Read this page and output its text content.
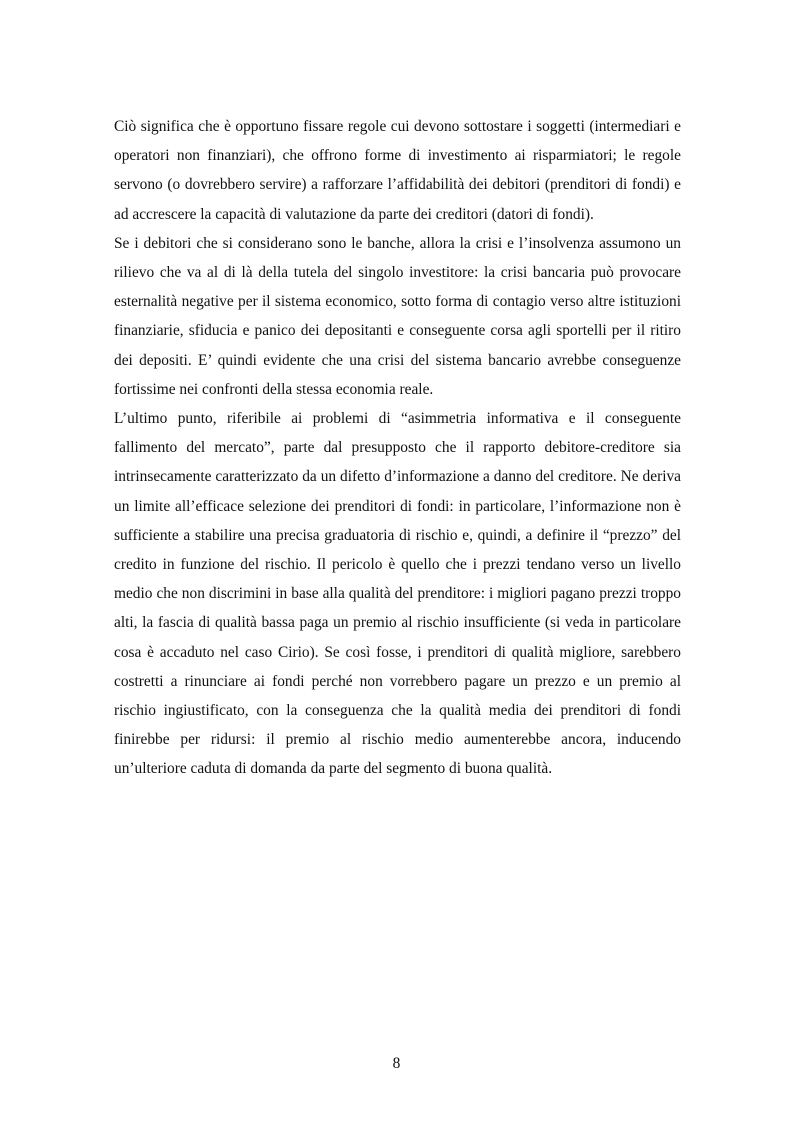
Ciò significa che è opportuno fissare regole cui devono sottostare i soggetti (intermediari e operatori non finanziari), che offrono forme di investimento ai risparmiatori; le regole servono (o dovrebbero servire) a rafforzare l’affidabilità dei debitori (prenditori di fondi) e ad accrescere la capacità di valutazione da parte dei creditori (datori di fondi).

Se i debitori che si considerano sono le banche, allora la crisi e l’insolvenza assumono un rilievo che va al di là della tutela del singolo investitore: la crisi bancaria può provocare esternalità negative per il sistema economico, sotto forma di contagio verso altre istituzioni finanziarie, sfiducia e panico dei depositanti e conseguente corsa agli sportelli per il ritiro dei depositi. E’ quindi evidente che una crisi del sistema bancario avrebbe conseguenze fortissime nei confronti della stessa economia reale.

L’ultimo punto, riferibile ai problemi di “asimmetria informativa e il conseguente fallimento del mercato”, parte dal presupposto che il rapporto debitore-creditore sia intrinsecamente caratterizzato da un difetto d’informazione a danno del creditore. Ne deriva un limite all’efficace selezione dei prenditori di fondi: in particolare, l’informazione non è sufficiente a stabilire una precisa graduatoria di rischio e, quindi, a definire il “prezzo” del credito in funzione del rischio. Il pericolo è quello che i prezzi tendano verso un livello medio che non discrimini in base alla qualità del prenditore: i migliori pagano prezzi troppo alti, la fascia di qualità bassa paga un premio al rischio insufficiente (si veda in particolare cosa è accaduto nel caso Cirio). Se così fosse, i prenditori di qualità migliore, sarebbero costretti a rinunciare ai fondi perché non vorrebbero pagare un prezzo e un premio al rischio ingiustificato, con la conseguenza che la qualità media dei prenditori di fondi finirebbe per ridursi: il premio al rischio medio aumenterebbe ancora, inducendo un’ulteriore caduta di domanda da parte del segmento di buona qualità.

8
